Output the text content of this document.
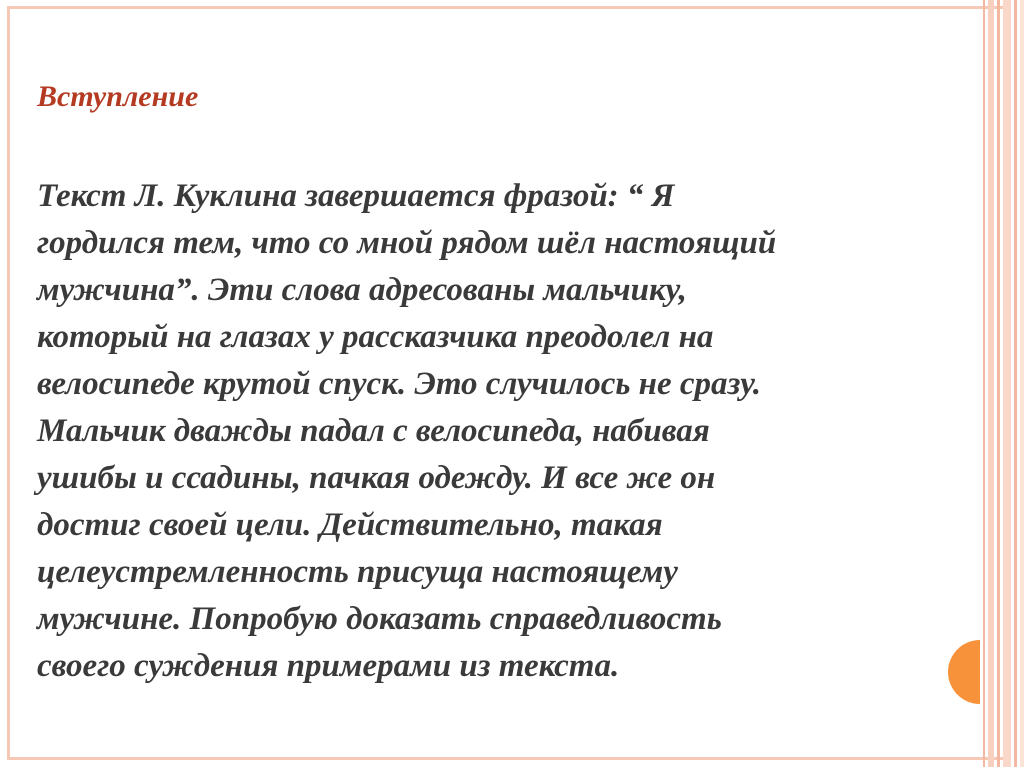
Вступление
Текст Л. Куклина завершается фразой: “ Я
гордился тем, что со мной рядом шёл настоящий
мужчина”. Эти слова адресованы мальчику,
который на глазах у рассказчика преодолел на
велосипеде крутой спуск. Это случилось не сразу.
Мальчик дважды падал с велосипеда, набивая
ушибы и ссадины, пачкая одежду. И все же он
достиг своей цели. Действительно, такая
целеустремленность присуща настоящему
мужчине. Попробую доказать справедливость
своего суждения примерами из текста.
